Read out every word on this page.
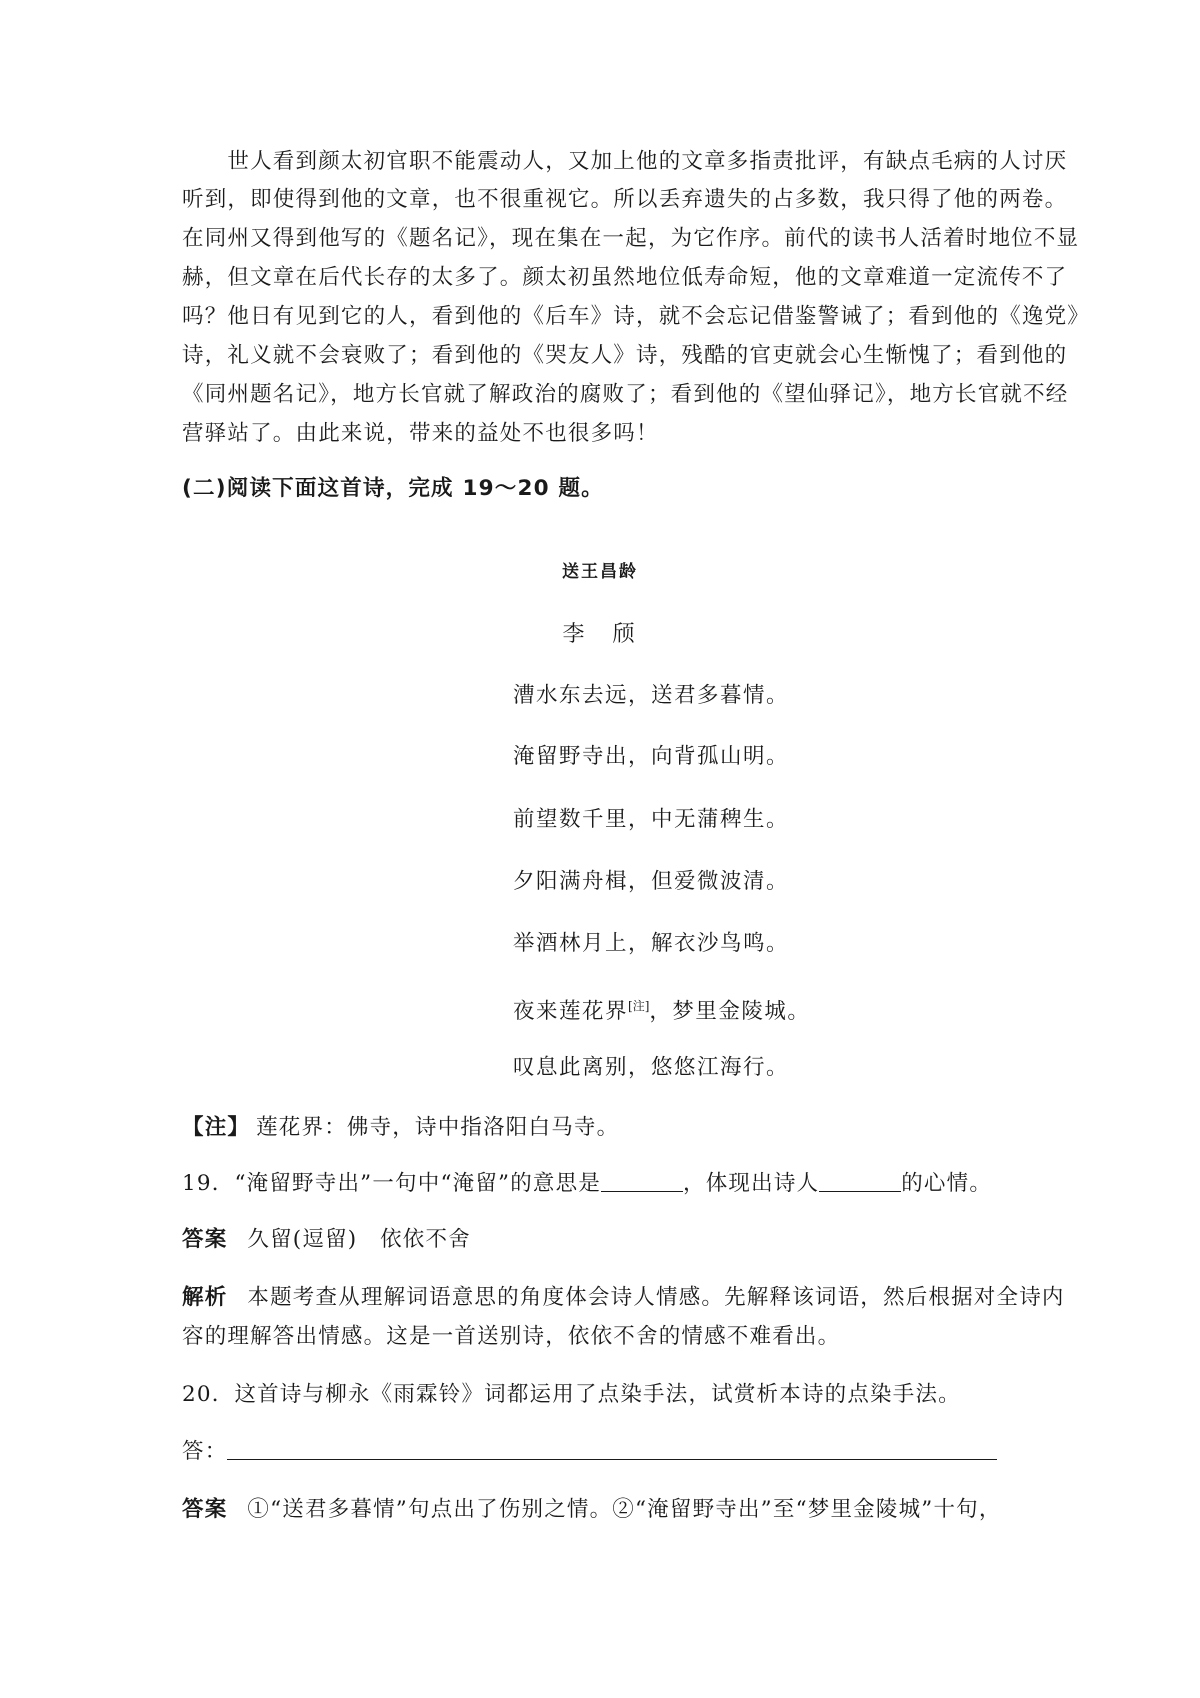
　　世人看到颜太初官职不能震动人，又加上他的文章多指责批评，有缺点毛病的人讨厌
听到，即使得到他的文章，也不很重视它。所以丢弃遗失的占多数，我只得了他的两卷。
在同州又得到他写的《题名记》，现在集在一起，为它作序。前代的读书人活着时地位不显
赫，但文章在后代长存的太多了。颜太初虽然地位低寿命短，他的文章难道一定流传不了
吗？他日有见到它的人，看到他的《后车》诗，就不会忘记借鉴警诫了；看到他的《逸党》
诗，礼义就不会衰败了；看到他的《哭友人》诗，残酷的官吏就会心生惭愧了；看到他的
《同州题名记》，地方长官就了解政治的腐败了；看到他的《望仙驿记》，地方长官就不经
营驿站了。由此来说，带来的益处不也很多吗！
(二)阅读下面这首诗，完成 19～20 题。
送王昌龄
李　颀
漕水东去远，送君多暮情。
淹留野寺出，向背孤山明。
前望数千里，中无蒲稗生。
夕阳满舟楫，但爱微波清。
举酒林月上，解衣沙鸟鸣。
夜来莲花界[注]，梦里金陵城。
叹息此离别，悠悠江海行。
【注】 莲花界：佛寺，诗中指洛阳白马寺。
19．“淹留野寺出”一句中“淹留”的意思是	，体现出诗人	的心情。
答案 久留(逗留)　依依不舍
解析 本题考查从理解词语意思的角度体会诗人情感。先解释该词语，然后根据对全诗内
容的理解答出情感。这是一首送别诗，依依不舍的情感不难看出。
20．这首诗与柳永《雨霖铃》词都运用了点染手法，试赏析本诗的点染手法。
答：
答案 ①“送君多暮情”句点出了伤别之情。②“淹留野寺出”至“梦里金陵城”十句，
